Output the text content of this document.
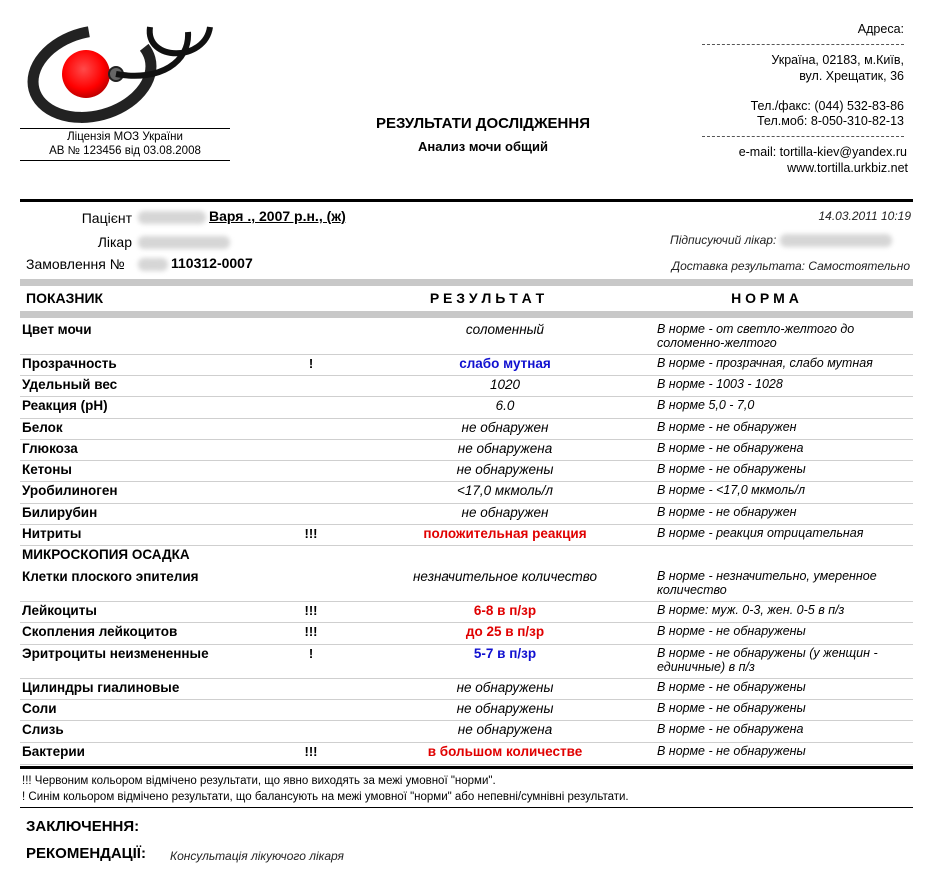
Ліцензія МОЗ України
АВ № 123456 від 03.08.2008
РЕЗУЛЬТАТИ ДОСЛІДЖЕННЯ
Анализ мочи общий
Адреса:
Україна, 02183, м.Київ,
вул. Хрещатик, 36
Тел./факс: (044) 532-83-86
Тел.моб: 8-050-310-82-13
e-mail: tortilla-kiev@yandex.ru
www.tortilla.urkbiz.net
Пацієнт	Варя ., 2007 р.н., (ж)
Лікар
Замовлення №	110312-0007
14.03.2011 10:19
Підписуючий лікар:
Доставка результата: Самостоятельно
ПОКАЗНИК	Р Е З У Л Ь Т А Т	Н О Р М А
Цвет мочи	соломенный	В норме - от светло-желтого до соломенно-желтого
Прозрачность	!	слабо мутная	В норме - прозрачная, слабо мутная
Удельный вес	1020	В норме - 1003 - 1028
Реакция (pH)	6.0	В норме 5,0 - 7,0
Белок	не обнаружен	В норме - не обнаружен
Глюкоза	не обнаружена	В норме - не обнаружена
Кетоны	не обнаружены	В норме - не обнаружены
Уробилиноген	<17,0 мкмоль/л	В норме - <17,0 мкмоль/л
Билирубин	не обнаружен	В норме - не обнаружен
Нитриты	!!!	положительная реакция	В норме - реакция отрицательная
МИКРОСКОПИЯ ОСАДКА
Клетки плоского эпителия	незначительное количество	В норме - незначительно, умеренное количество
Лейкоциты	!!!	6-8 в п/зр	В норме: муж. 0-3, жен. 0-5 в п/з
Скопления лейкоцитов	!!!	до 25 в п/зр	В норме - не обнаружены
Эритроциты неизмененные	!	5-7 в п/зр	В норме - не обнаружены (у женщин - единичные) в п/з
Цилиндры гиалиновые	не обнаружены	В норме - не обнаружены
Соли	не обнаружены	В норме - не обнаружены
Слизь	не обнаружена	В норме - не обнаружена
Бактерии	!!!	в большом количестве	В норме - не обнаружены
!!! Червоним кольором відмічено результати, що явно виходять за межі умовної "норми".
! Синім кольором відмічено результати, що балансують на межі умовної "норми" або непевні/сумнівні результати.
ЗАКЛЮЧЕННЯ:
РЕКОМЕНДАЦІЇ: Консультація лікуючого лікаря
